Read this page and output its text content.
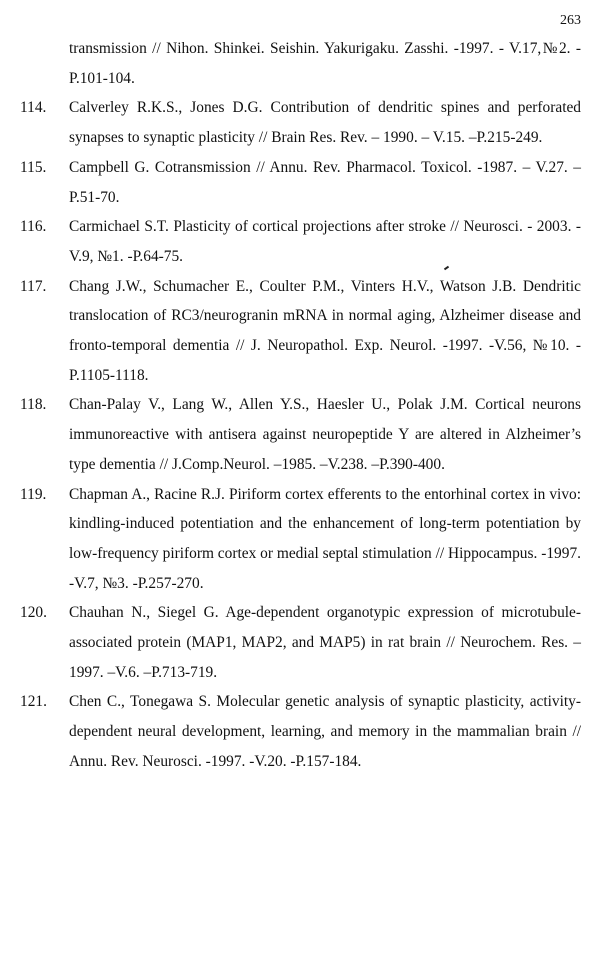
263
transmission // Nihon. Shinkei. Seishin. Yakurigaku. Zasshi. -1997. - V.17,№2. -P.101-104.
114. Calverley R.K.S., Jones D.G. Contribution of dendritic spines and perforated synapses to synaptic plasticity // Brain Res. Rev. – 1990. – V.15. –P.215-249.
115. Campbell G. Cotransmission // Annu. Rev. Pharmacol. Toxicol. -1987. – V.27. –P.51-70.
116. Carmichael S.T. Plasticity of cortical projections after stroke // Neurosci. - 2003. -V.9, №1. -P.64-75.
117. Chang J.W., Schumacher E., Coulter P.M., Vinters H.V., Watson J.B. Dendritic translocation of RC3/neurogranin mRNA in normal aging, Alzheimer disease and fronto-temporal dementia // J. Neuropathol. Exp. Neurol. -1997. -V.56, №10. -P.1105-1118.
118. Chan-Palay V., Lang W., Allen Y.S., Haesler U., Polak J.M. Cortical neurons immunoreactive with antisera against neuropeptide Y are altered in Alzheimer’s type dementia // J.Comp.Neurol. –1985. –V.238. –P.390-400.
119. Chapman A., Racine R.J. Piriform cortex efferents to the entorhinal cortex in vivo: kindling-induced potentiation and the enhancement of long-term potentiation by low-frequency piriform cortex or medial septal stimulation // Hippocampus. -1997. -V.7, №3. -P.257-270.
120. Chauhan N., Siegel G. Age-dependent organotypic expression of microtubule-associated protein (MAP1, MAP2, and MAP5) in rat brain // Neurochem. Res. –1997. –V.6. –P.713-719.
121. Chen C., Tonegawa S. Molecular genetic analysis of synaptic plasticity, activity-dependent neural development, learning, and memory in the mammalian brain // Annu. Rev. Neurosci. -1997. -V.20. -P.157-184.
